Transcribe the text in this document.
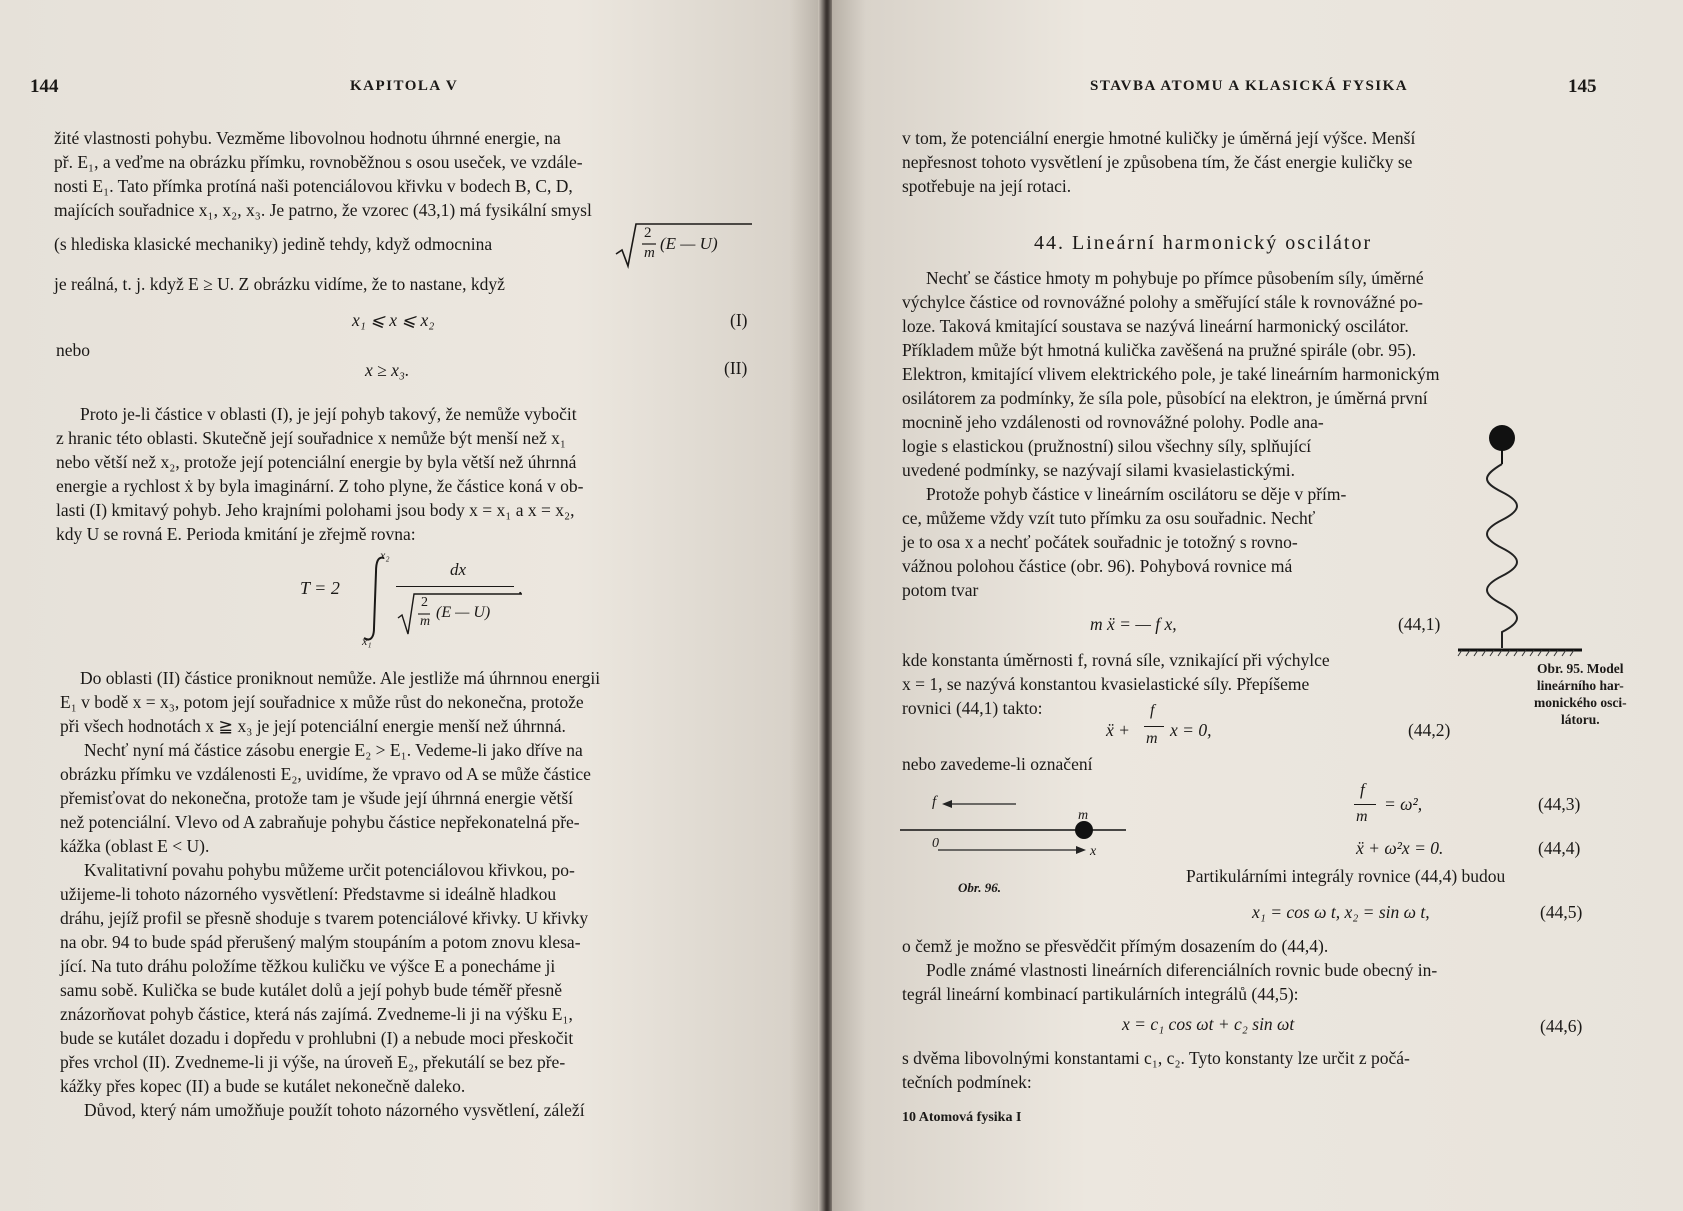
144	KAPITOLA V
žité vlastnosti pohybu. Vezměme libovolnou hodnotu úhrnné energie, na
př. E₁, a veďme na obrázku přímku, rovnoběžnou s osou useček, ve vzdále-
nosti E₁. Tato přímka protíná naši potenciálovou křivku v bodech B, C, D,
majících souřadnice x₁, x₂, x₃. Je patrno, že vzorec (43,1) má fysikální smysl
(s hlediska klasické mechaniky) jedině tehdy, když odmocnina
je reálná, t. j. když E ≥ U. Z obrázku vidíme, že to nastane, když
2
m (E — U)
x₁ ⩽ x ⩽ x₂	(I)
nebo
x ≥ x₃.	(II)
Proto je-li částice v oblasti (I), je její pohyb takový, že nemůže vybočit
z hranic této oblasti. Skutečně její souřadnice x nemůže být menší než x₁
nebo větší než x₂, protože její potenciální energie by byla větší než úhrnná
energie a rychlost ẋ by byla imaginární. Z toho plyne, že částice koná v ob-
lasti (I) kmitavý pohyb. Jeho krajními polohami jsou body x = x₁ a x = x₂,
kdy U se rovná E. Perioda kmitání je zřejmě rovna:
T = 2
x₂
x₁
dx
2
m
(E — U)
.
Do oblasti (II) částice proniknout nemůže. Ale jestliže má úhrnnou energii
E₁ v bodě x = x₃, potom její souřadnice x může růst do nekonečna, protože
při všech hodnotách x ≧ x₃ je její potenciální energie menší než úhrnná.
Nechť nyní má částice zásobu energie E₂ > E₁. Vedeme-li jako dříve na
obrázku přímku ve vzdálenosti E₂, uvidíme, že vpravo od A se může částice
přemisťovat do nekonečna, protože tam je všude její úhrnná energie větší
než potenciální. Vlevo od A zabraňuje pohybu částice nepřekonatelná pře-
kážka (oblast E < U).
Kvalitativní povahu pohybu můžeme určit potenciálovou křivkou, po-
užijeme-li tohoto názorného vysvětlení: Představme si ideálně hladkou
dráhu, jejíž profil se přesně shoduje s tvarem potenciálové křivky. U křivky
na obr. 94 to bude spád přerušený malým stoupáním a potom znovu klesa-
jící. Na tuto dráhu položíme těžkou kuličku ve výšce E a ponecháme ji
samu sobě. Kulička se bude kutálet dolů a její pohyb bude téměř přesně
znázorňovat pohyb částice, která nás zajímá. Zvedneme-li ji na výšku E₁,
bude se kutálet dozadu i dopředu v prohlubni (I) a nebude moci přeskočit
přes vrchol (II). Zvedneme-li ji výše, na úroveň E₂, překutálí se bez pře-
kážky přes kopec (II) a bude se kutálet nekonečně daleko.
Důvod, který nám umožňuje použít tohoto názorného vysvětlení, záleží
STAVBA ATOMU A KLASICKÁ FYSIKA	145
v tom, že potenciální energie hmotné kuličky je úměrná její výšce. Menší
nepřesnost tohoto vysvětlení je způsobena tím, že část energie kuličky se
spotřebuje na její rotaci.
44. Lineární harmonický oscilátor
Nechť se částice hmoty m pohybuje po přímce působením síly, úměrné
výchylce částice od rovnovážné polohy a směřující stále k rovnovážné po-
loze. Taková kmitající soustava se nazývá lineární harmonický oscilátor.
Příkladem může být hmotná kulička zavěšená na pružné spirále (obr. 95).
Elektron, kmitající vlivem elektrického pole, je také lineárním harmonickým
osilátorem za podmínky, že síla pole, působící na elektron, je úměrná první
mocnině jeho vzdálenosti od rovnovážné polohy. Podle ana-
logie s elastickou (pružnostní) silou všechny síly, splňující
uvedené podmínky, se nazývají silami kvasielastickými.
Protože pohyb částice v lineárním oscilátoru se děje v přím-
ce, můžeme vždy vzít tuto přímku za osu souřadnic. Nechť
je to osa x a nechť počátek souřadnic je totožný s rovno-
vážnou polohou částice (obr. 96). Pohybová rovnice má
potom tvar
m ẍ = — f x,	(44,1)
kde konstanta úměrnosti f, rovná síle, vznikající při výchylce
x = 1, se nazývá konstantou kvasielastické síly. Přepíšeme
rovnici (44,1) takto:
ẍ +
f
m x = 0,	(44,2)
nebo zavedeme-li označení
f
m
= ω²,	(44,3)
ẍ + ω²x = 0.	(44,4)
Partikulárními integrály rovnice (44,4) budou
x₁ = cos ω t, x₂ = sin ω t,	(44,5)
o čemž je možno se přesvědčit přímým dosazením do (44,4).
Podle známé vlastnosti lineárních diferenciálních rovnic bude obecný in-
tegrál lineární kombinací partikulárních integrálů (44,5):
x = c₁ cos ωt + c₂ sin ωt	(44,6)
s dvěma libovolnými konstantami c₁, c₂. Tyto konstanty lze určit z počá-
tečních podmínek:
10 Atomová fysika I
Obr. 95. Model
lineárního har-
monického osci-
látoru.
f
m
0
x
Obr. 96.
